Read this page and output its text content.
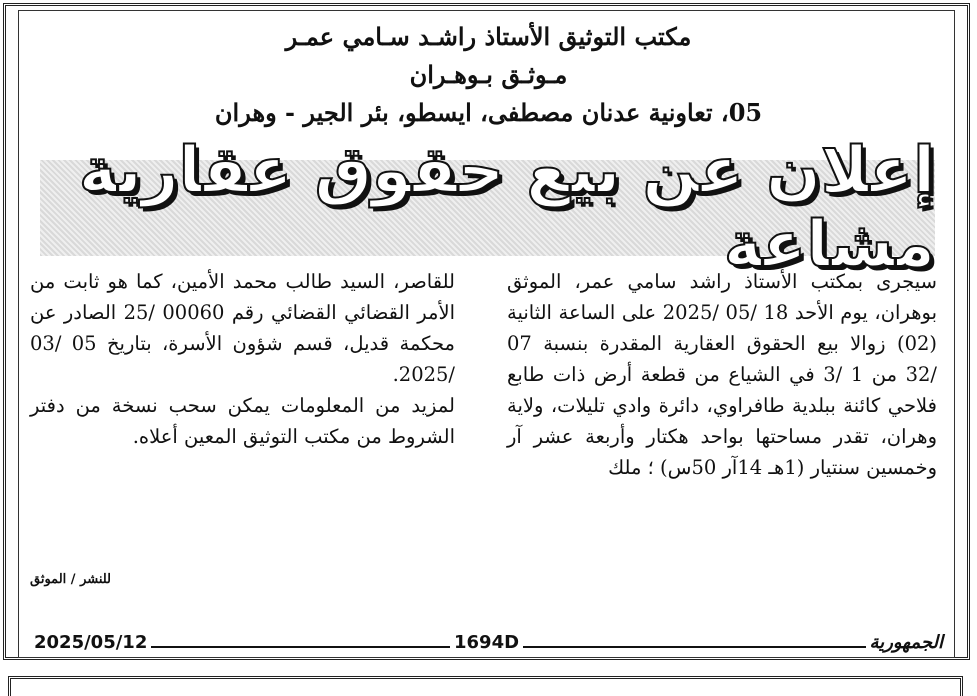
مكتب التوثيق الأستاذ راشـد سـامي عمـر
مـوثـق بـوهـران
05، تعاونية عدنان مصطفى، ايسطو، بئر الجير - وهران
إعلان عن بيع حقوق عقارية مشاعة

سيجرى بمكتب الأستاذ راشد سامي عمر، الموثق بوهران، يوم الأحد 18 /05 /2025 على الساعة الثانية (02) زوالا بيع الحقوق العقارية المقدرة بنسبة 07 /32 من 1 /3 في الشياع من قطعة أرض ذات طابع فلاحي كائنة ببلدية طافراوي، دائرة وادي تليلات، ولاية وهران، تقدر مساحتها بواحد هكتار وأربعة عشر آر وخمسين سنتيار (1هـ 14آر 50س) ؛ ملك

للقاصر، السيد طالب محمد الأمين، كما هو ثابت من الأمر القضائي القضائي رقم 00060 /25 الصادر عن محكمة قديل، قسم شؤون الأسرة، بتاريخ 05 /03 /2025.

لمزيد من المعلومات يمكن سحب نسخة من دفتر الشروط من مكتب التوثيق المعين أعلاه.

للنشر / الموثق
2025/05/12	1694D	الجمهورية
